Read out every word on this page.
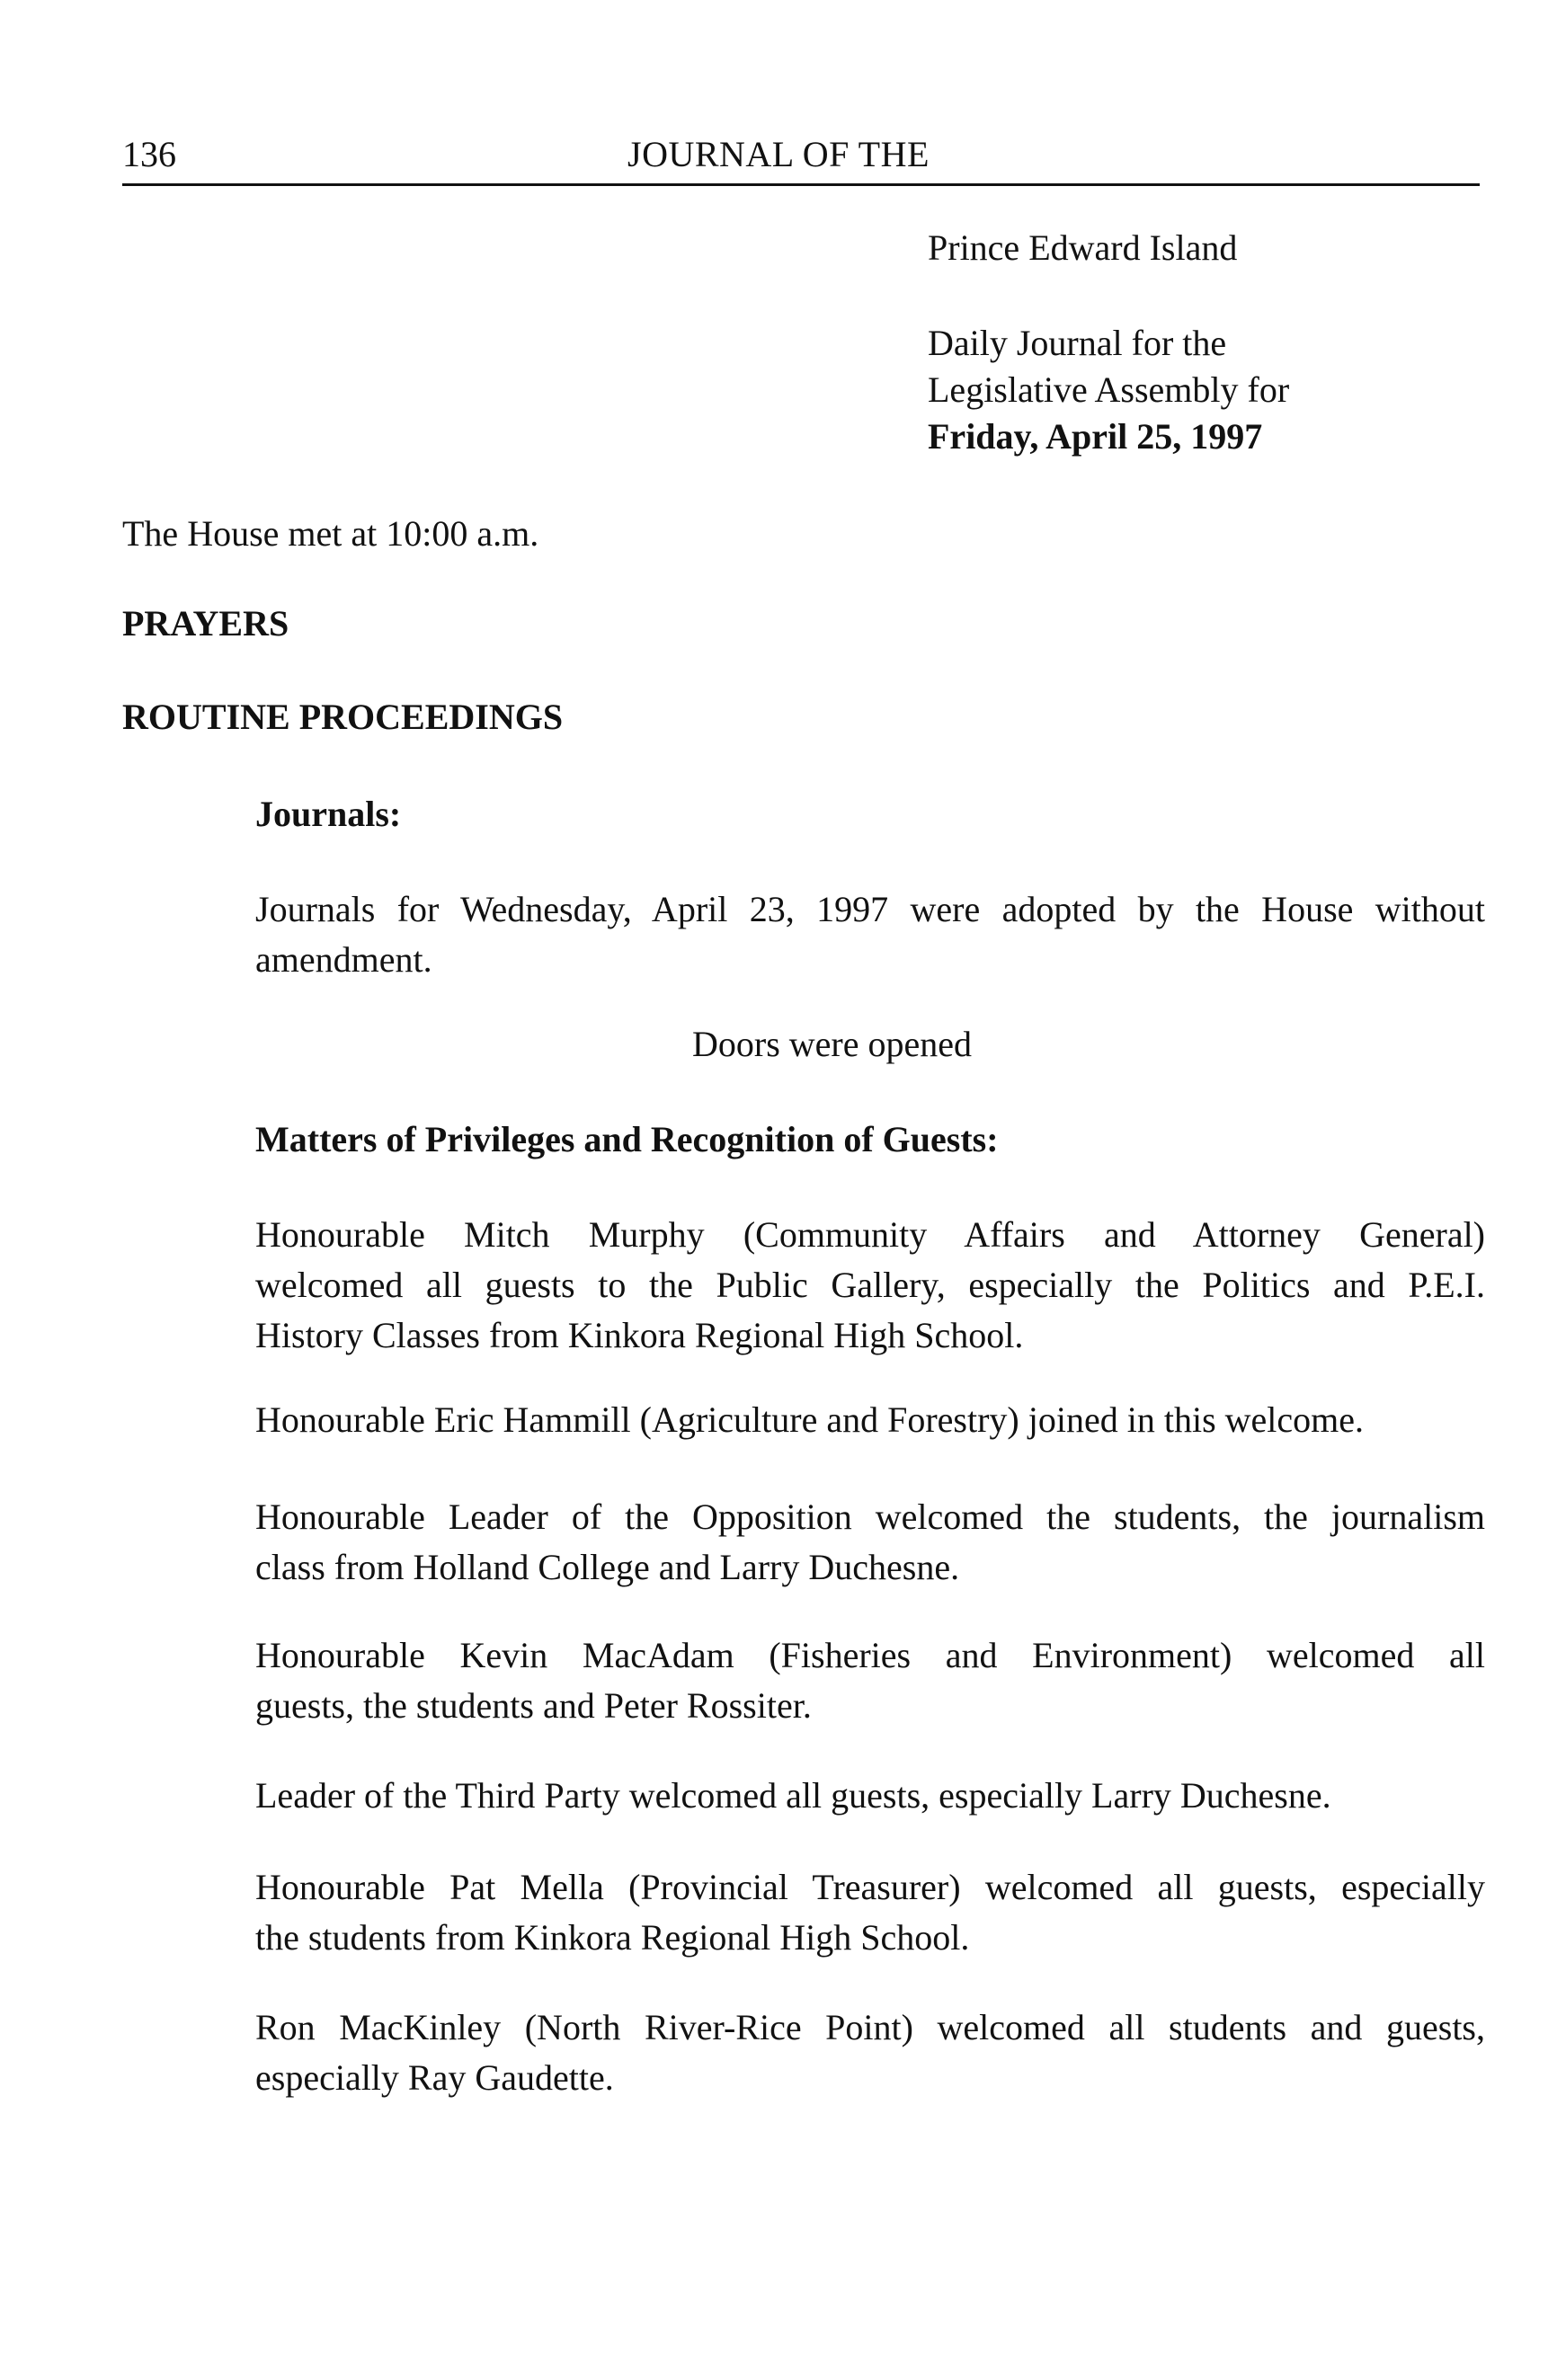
136	JOURNAL OF THE
Prince Edward Island
Daily Journal for the
Legislative Assembly for
Friday, April 25, 1997
The House met at 10:00 a.m.
PRAYERS
ROUTINE PROCEEDINGS
Journals:
Journals for Wednesday, April 23, 1997 were adopted by the House without
amendment.
Doors were opened
Matters of Privileges and Recognition of Guests:
Honourable Mitch Murphy (Community Affairs and Attorney General)
welcomed all guests to the Public Gallery, especially the Politics and P.E.I.
History Classes from Kinkora Regional High School.
Honourable Eric Hammill (Agriculture and Forestry) joined in this welcome.
Honourable Leader of the Opposition welcomed the students, the journalism
class from Holland College and Larry Duchesne.
Honourable Kevin MacAdam (Fisheries and Environment) welcomed all
guests, the students and Peter Rossiter.
Leader of the Third Party welcomed all guests, especially Larry Duchesne.
Honourable Pat Mella (Provincial Treasurer) welcomed all guests, especially
the students from Kinkora Regional High School.
Ron MacKinley (North River-Rice Point) welcomed all students and guests,
especially Ray Gaudette.
